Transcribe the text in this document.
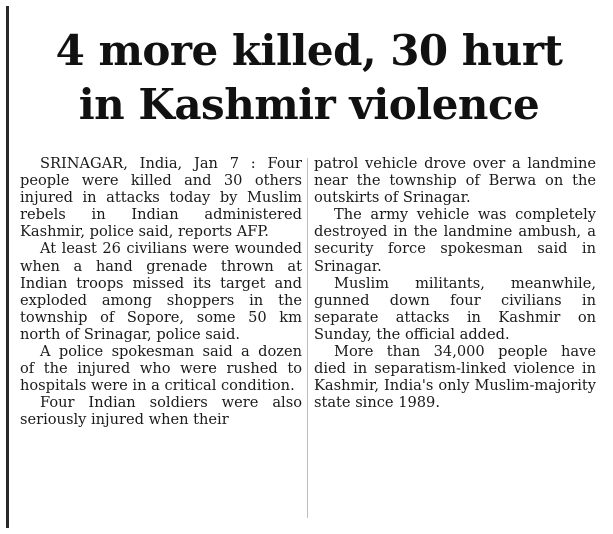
4 more killed, 30 hurt
in Kashmir violence

SRINAGAR, India, Jan 7 : Four people were killed and 30 others injured in attacks today by Muslim rebels in Indian administered Kashmir, police said, reports AFP.

At least 26 civilians were wounded when a hand grenade thrown at Indian troops missed its target and exploded among shoppers in the township of Sopore, some 50 km north of Srinagar, police said.

A police spokesman said a dozen of the injured who were rushed to hospitals were in a critical condition.

Four Indian soldiers were also seriously injured when their

patrol vehicle drove over a landmine near the township of Berwa on the outskirts of Srinagar.

The army vehicle was completely destroyed in the landmine ambush, a security force spokesman said in Srinagar.

Muslim militants, meanwhile, gunned down four civilians in separate attacks in Kashmir on Sunday, the official added.

More than 34,000 people have died in separatism-linked violence in Kashmir, India's only Muslim-majority state since 1989.
